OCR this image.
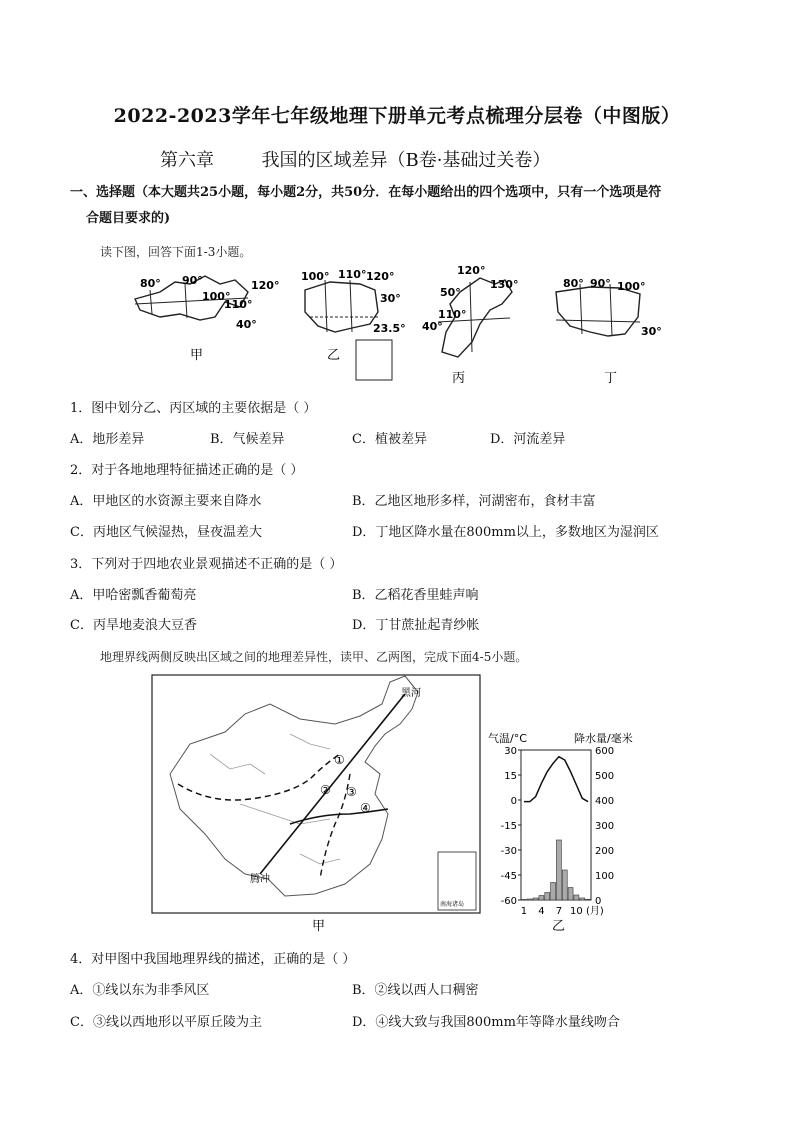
2022-2023学年七年级地理下册单元考点梳理分层卷（中图版）
第六章	我国的区域差异（B卷·基础过关卷）
一、选择题（本大题共25小题，每小题2分，共50分．在每小题给出的四个选项中，只有一个选项是符
合题目要求的)
读下图，回答下面1-3小题。
80° 90°
100°
110°
120°
40°
甲
100° 110° 120°
30°
23.5°
乙
120°
130°
50°
110°
40°
丙
80° 90° 100°
30°
丁
1．图中划分乙、丙区域的主要依据是（ ）
A．地形差异	B．气候差异	C．植被差异	D．河流差异
2．对于各地地理特征描述正确的是（ ）
A．甲地区的水资源主要来自降水	B．乙地区地形多样，河湖密布，食材丰富
C．丙地区气候湿热，昼夜温差大	D．丁地区降水量在800mm以上，多数地区为湿润区
3．下列对于四地农业景观描述不正确的是（ ）
A．甲哈密瓢香葡萄亮	B．乙稻花香里蛙声响
C．丙旱地麦浪大豆香	D．丁甘蔗扯起青纱帐
地理界线两侧反映出区域之间的地理差异性，读甲、乙两图，完成下面4-5小题。
黑河
腾冲
①
② ③
④
南海诸岛
甲
气温/°C	降水量/毫米
30
15
0
-15
-30
-45
-60
600
500
400
300
200
100
0
1 4 7 10 (月)
乙
4．对甲图中我国地理界线的描述，正确的是（ ）
A．①线以东为非季风区	B．②线以西人口稠密
C．③线以西地形以平原丘陵为主	D．④线大致与我国800mm年等降水量线吻合
